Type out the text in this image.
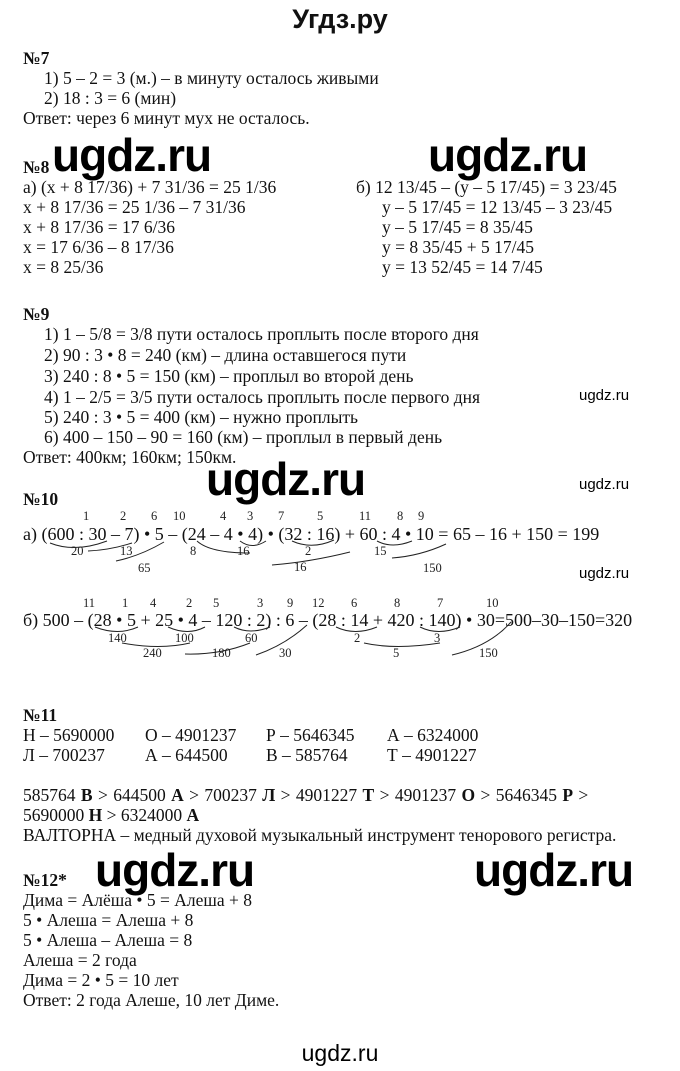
Угдз.ру
№7
1) 5 – 2 = 3 (м.) – в минуту осталось живыми
2) 18 : 3 = 6 (мин)
Ответ: через 6 минут мух не осталось.
ugdz.ru	ugdz.ru
№8
а) (x + 8 17/36) + 7 31/36 = 25 1/36
x + 8 17/36 = 25 1/36 – 7 31/36
x + 8 17/36 = 17 6/36
x = 17 6/36 – 8 17/36
x = 8 25/36
б) 12 13/45 – (y – 5 17/45) = 3 23/45
y – 5 17/45 = 12 13/45 – 3 23/45
y – 5 17/45 = 8 35/45
y = 8 35/45 + 5 17/45
y = 13 52/45 = 14 7/45
№9
1) 1 – 5/8 = 3/8 пути осталось проплыть после второго дня
2) 90 : 3 • 8 = 240 (км) – длина оставшегося пути
3) 240 : 8 • 5 = 150 (км) – проплыл во второй день
4) 1 – 2/5 = 3/5 пути осталось проплыть после первого дня
5) 240 : 3 • 5 = 400 (км) – нужно проплыть
6) 400 – 150 – 90 = 160 (км) – проплыл в первый день
Ответ: 400км; 160км; 150км.
ugdz.ru
ugdz.ru	ugdz.ru
№10
1 2 6 10	4 3 7	5	11 8 9
а) (600 : 30 – 7) • 5 – (24 – 4 • 4) • (32 : 16) + 60 : 4 • 10 = 65 – 16 + 150 = 199
20	13
65
8	16	2
16
15
150	ugdz.ru
11 1 4 2 5	3 9 12 6	8	7	10
б) 500 – (28 • 5 + 25 • 4 – 120 : 2) : 6 – (28 : 14 + 420 : 140) • 30=500–30–150=320
140	100	60
240	180	30
2	3
5	150
№11
Н – 5690000 О – 4901237 Р – 5646345 А – 6324000
Л – 700237 А – 644500 В – 585764 Т – 4901227
585764 В > 644500 А > 700237 Л > 4901227 Т > 4901237 О > 5646345 Р >
5690000 Н > 6324000 А
ВАЛТОРНА – медный духовой музыкальный инструмент тенорового регистра.
ugdz.ru	ugdz.ru
№12*
Дима = Алёша • 5 = Алеша + 8
5 • Алеша = Алеша + 8
5 • Алеша – Алеша = 8
Алеша = 2 года
Дима = 2 • 5 = 10 лет
Ответ: 2 года Алеше, 10 лет Диме.
ugdz.ru
